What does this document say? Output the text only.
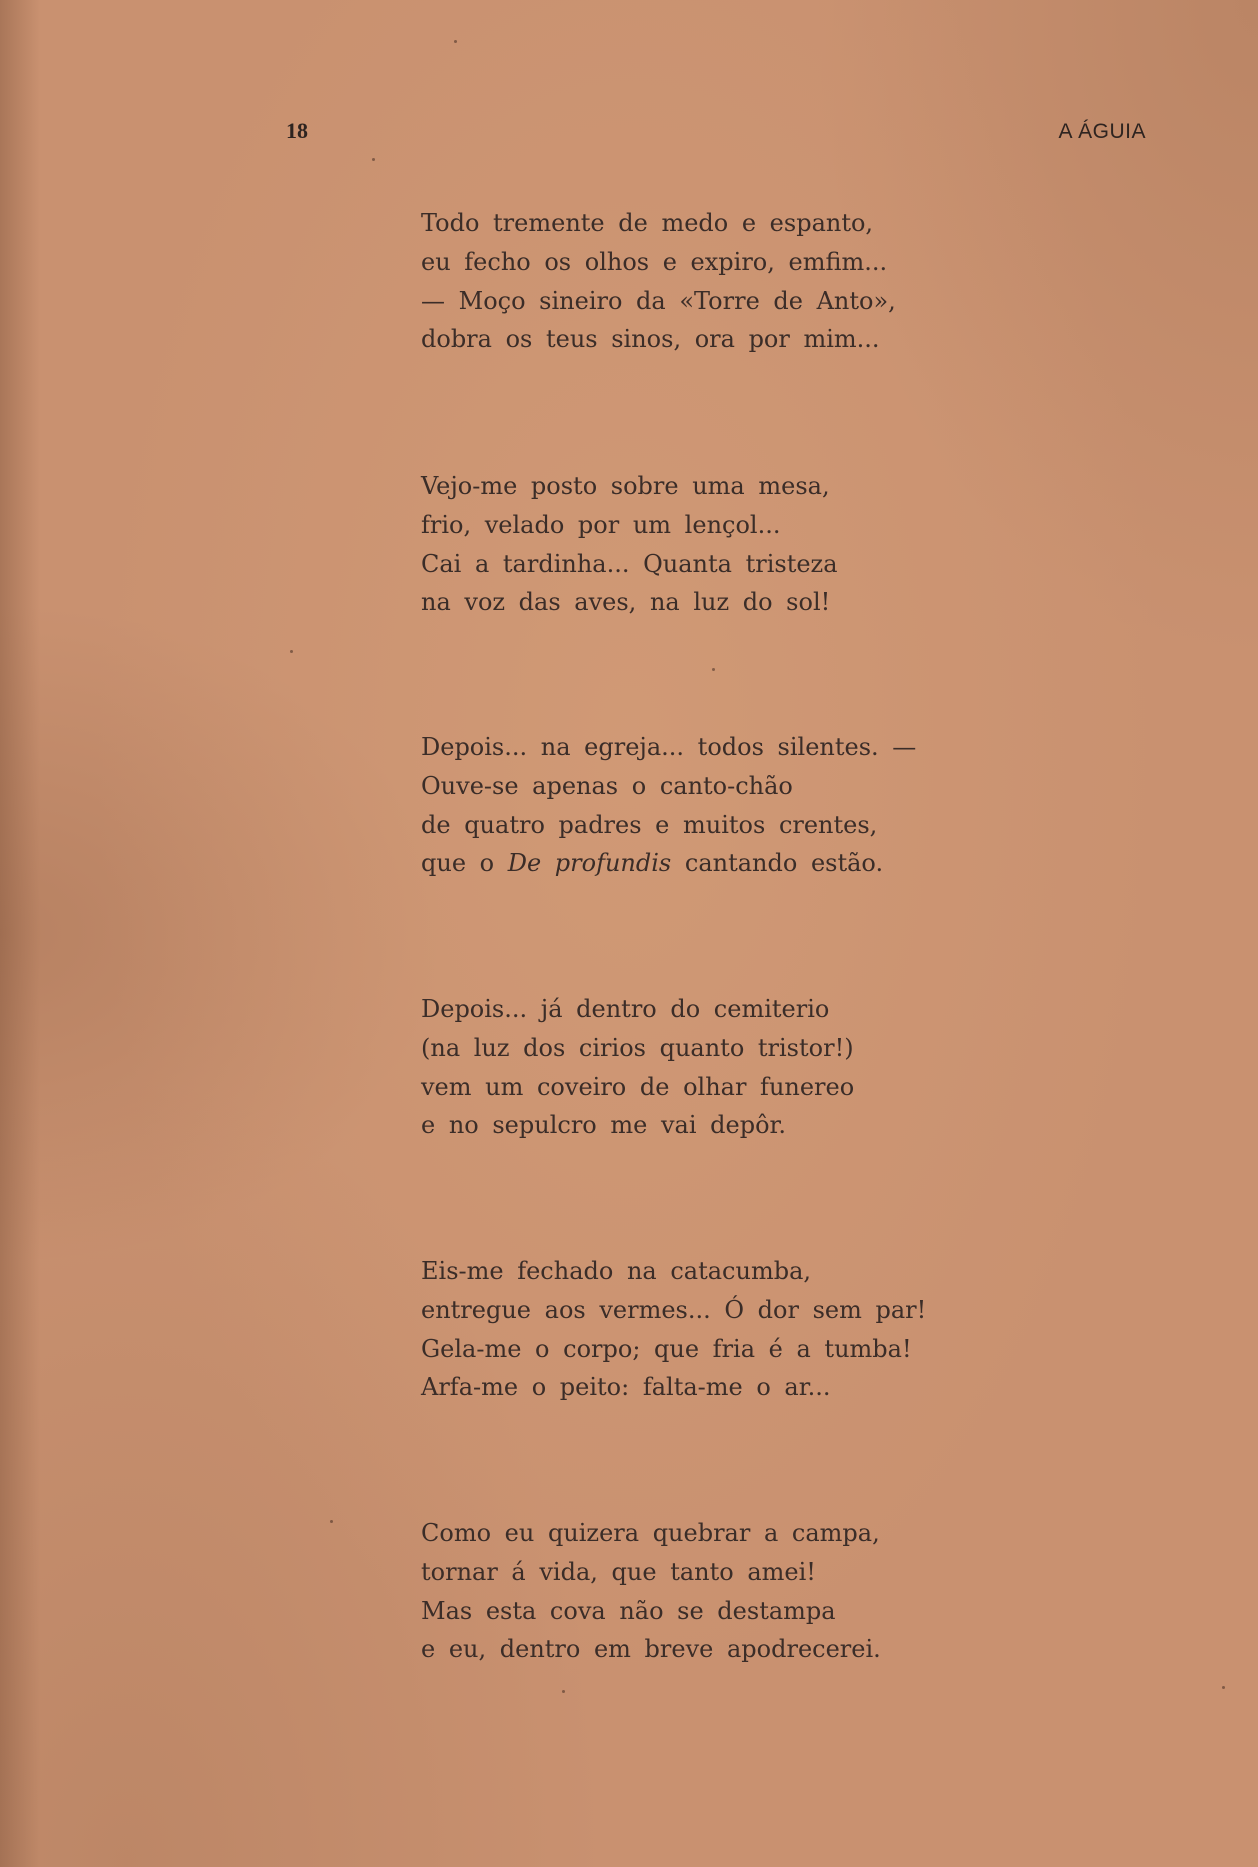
18	A ÁGUIA
Todo tremente de medo e espanto,
eu fecho os olhos e expiro, emfim...
— Moço sineiro da «Torre de Anto»,
dobra os teus sinos, ora por mim...
Vejo-me posto sobre uma mesa,
frio, velado por um lençol...
Cai a tardinha... Quanta tristeza
na voz das aves, na luz do sol!
Depois... na egreja... todos silentes. —
Ouve-se apenas o canto-chão
de quatro padres e muitos crentes,
que o De profundis cantando estão.
Depois... já dentro do cemiterio
(na luz dos cirios quanto tristor!)
vem um coveiro de olhar funereo
e no sepulcro me vai depôr.
Eis-me fechado na catacumba,
entregue aos vermes... Ó dor sem par!
Gela-me o corpo; que fria é a tumba!
Arfa-me o peito: falta-me o ar...
Como eu quizera quebrar a campa,
tornar á vida, que tanto amei!
Mas esta cova não se destampa
e eu, dentro em breve apodrecerei.
